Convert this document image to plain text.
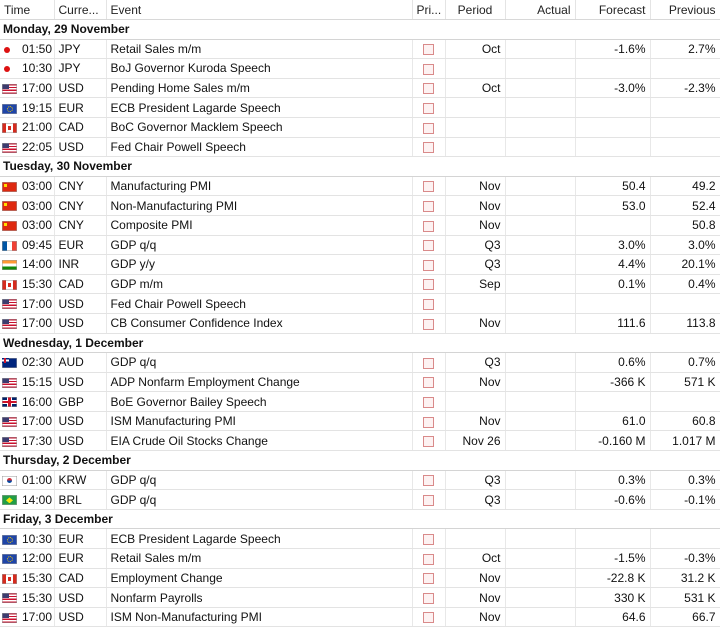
Time		Curre...	Event	Pri...	Period	Actual	Forecast	Previous
Monday, 29 November								
	01:50	JPY	Retail Sales m/m		Oct		-1.6%	2.7%
	10:30	JPY	BoJ Governor Kuroda Speech					
	17:00	USD	Pending Home Sales m/m		Oct		-3.0%	-2.3%
	19:15	EUR	ECB President Lagarde Speech					
	21:00	CAD	BoC Governor Macklem Speech					
	22:05	USD	Fed Chair Powell Speech					
Tuesday, 30 November								
	03:00	CNY	Manufacturing PMI		Nov		50.4	49.2
	03:00	CNY	Non-Manufacturing PMI		Nov		53.0	52.4
	03:00	CNY	Composite PMI		Nov			50.8
	09:45	EUR	GDP q/q		Q3		3.0%	3.0%
	14:00	INR	GDP y/y		Q3		4.4%	20.1%
	15:30	CAD	GDP m/m		Sep		0.1%	0.4%
	17:00	USD	Fed Chair Powell Speech					
	17:00	USD	CB Consumer Confidence Index		Nov		111.6	113.8
Wednesday, 1 December								
	02:30	AUD	GDP q/q		Q3		0.6%	0.7%
	15:15	USD	ADP Nonfarm Employment Change		Nov		-366 K	571 K
	16:00	GBP	BoE Governor Bailey Speech					
	17:00	USD	ISM Manufacturing PMI		Nov		61.0	60.8
	17:30	USD	EIA Crude Oil Stocks Change		Nov 26		-0.160 M	1.017 M
Thursday, 2 December								
	01:00	KRW	GDP q/q		Q3		0.3%	0.3%
	14:00	BRL	GDP q/q		Q3		-0.6%	-0.1%
Friday, 3 December								
	10:30	EUR	ECB President Lagarde Speech					
	12:00	EUR	Retail Sales m/m		Oct		-1.5%	-0.3%
	15:30	CAD	Employment Change		Nov		-22.8 K	31.2 K
	15:30	USD	Nonfarm Payrolls		Nov		330 K	531 K
	17:00	USD	ISM Non-Manufacturing PMI		Nov		64.6	66.7
